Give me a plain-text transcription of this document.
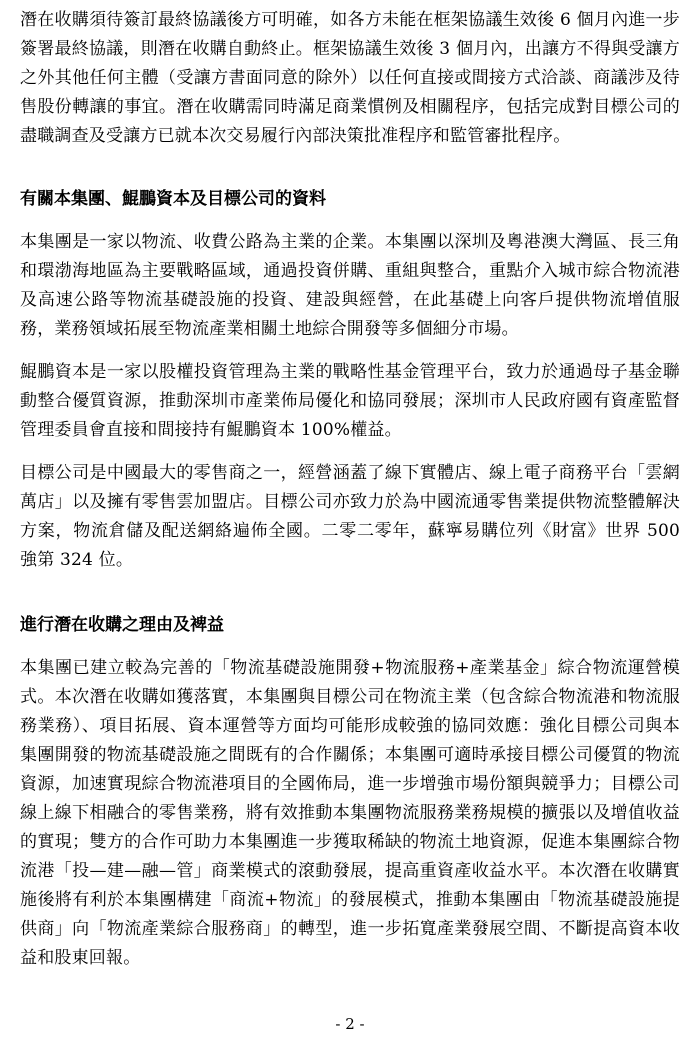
潛在收購須待簽訂最終協議後方可明確，如各方未能在框架協議生效後 6 個月內進一步簽署最終協議，則潛在收購自動終止。框架協議生效後 3 個月內，出讓方不得與受讓方之外其他任何主體（受讓方書面同意的除外）以任何直接或間接方式洽談、商議涉及待售股份轉讓的事宜。潛在收購需同時滿足商業慣例及相關程序，包括完成對目標公司的盡職調查及受讓方已就本次交易履行內部決策批准程序和監管審批程序。

有關本集團、鯤鵬資本及目標公司的資料

本集團是一家以物流、收費公路為主業的企業。本集團以深圳及粵港澳大灣區、長三角和環渤海地區為主要戰略區域，通過投資併購、重組與整合，重點介入城市綜合物流港及高速公路等物流基礎設施的投資、建設與經營，在此基礎上向客戶提供物流增值服務，業務領域拓展至物流產業相關土地綜合開發等多個細分市場。

鯤鵬資本是一家以股權投資管理為主業的戰略性基金管理平台，致力於通過母子基金聯動整合優質資源，推動深圳市產業佈局優化和協同發展；深圳市人民政府國有資產監督管理委員會直接和間接持有鯤鵬資本 100%權益。

目標公司是中國最大的零售商之一，經營涵蓋了線下實體店、線上電子商務平台「雲網萬店」以及擁有零售雲加盟店。目標公司亦致力於為中國流通零售業提供物流整體解決方案，物流倉儲及配送網絡遍佈全國。二零二零年，蘇寧易購位列《財富》世界 500 強第 324 位。

進行潛在收購之理由及裨益

本集團已建立較為完善的「物流基礎設施開發+物流服務+產業基金」綜合物流運營模式。本次潛在收購如獲落實，本集團與目標公司在物流主業（包含綜合物流港和物流服務業務）、項目拓展、資本運營等方面均可能形成較強的協同效應：強化目標公司與本集團開發的物流基礎設施之間既有的合作關係；本集團可適時承接目標公司優質的物流資源，加速實現綜合物流港項目的全國佈局，進一步增強市場份額與競爭力；目標公司線上線下相融合的零售業務，將有效推動本集團物流服務業務規模的擴張以及增值收益的實現；雙方的合作可助力本集團進一步獲取稀缺的物流土地資源，促進本集團綜合物流港「投—建—融—管」商業模式的滾動發展，提高重資產收益水平。本次潛在收購實施後將有利於本集團構建「商流+物流」的發展模式，推動本集團由「物流基礎設施提供商」向「物流產業綜合服務商」的轉型，進一步拓寬產業發展空間、不斷提高資本收益和股東回報。

- 2 -
